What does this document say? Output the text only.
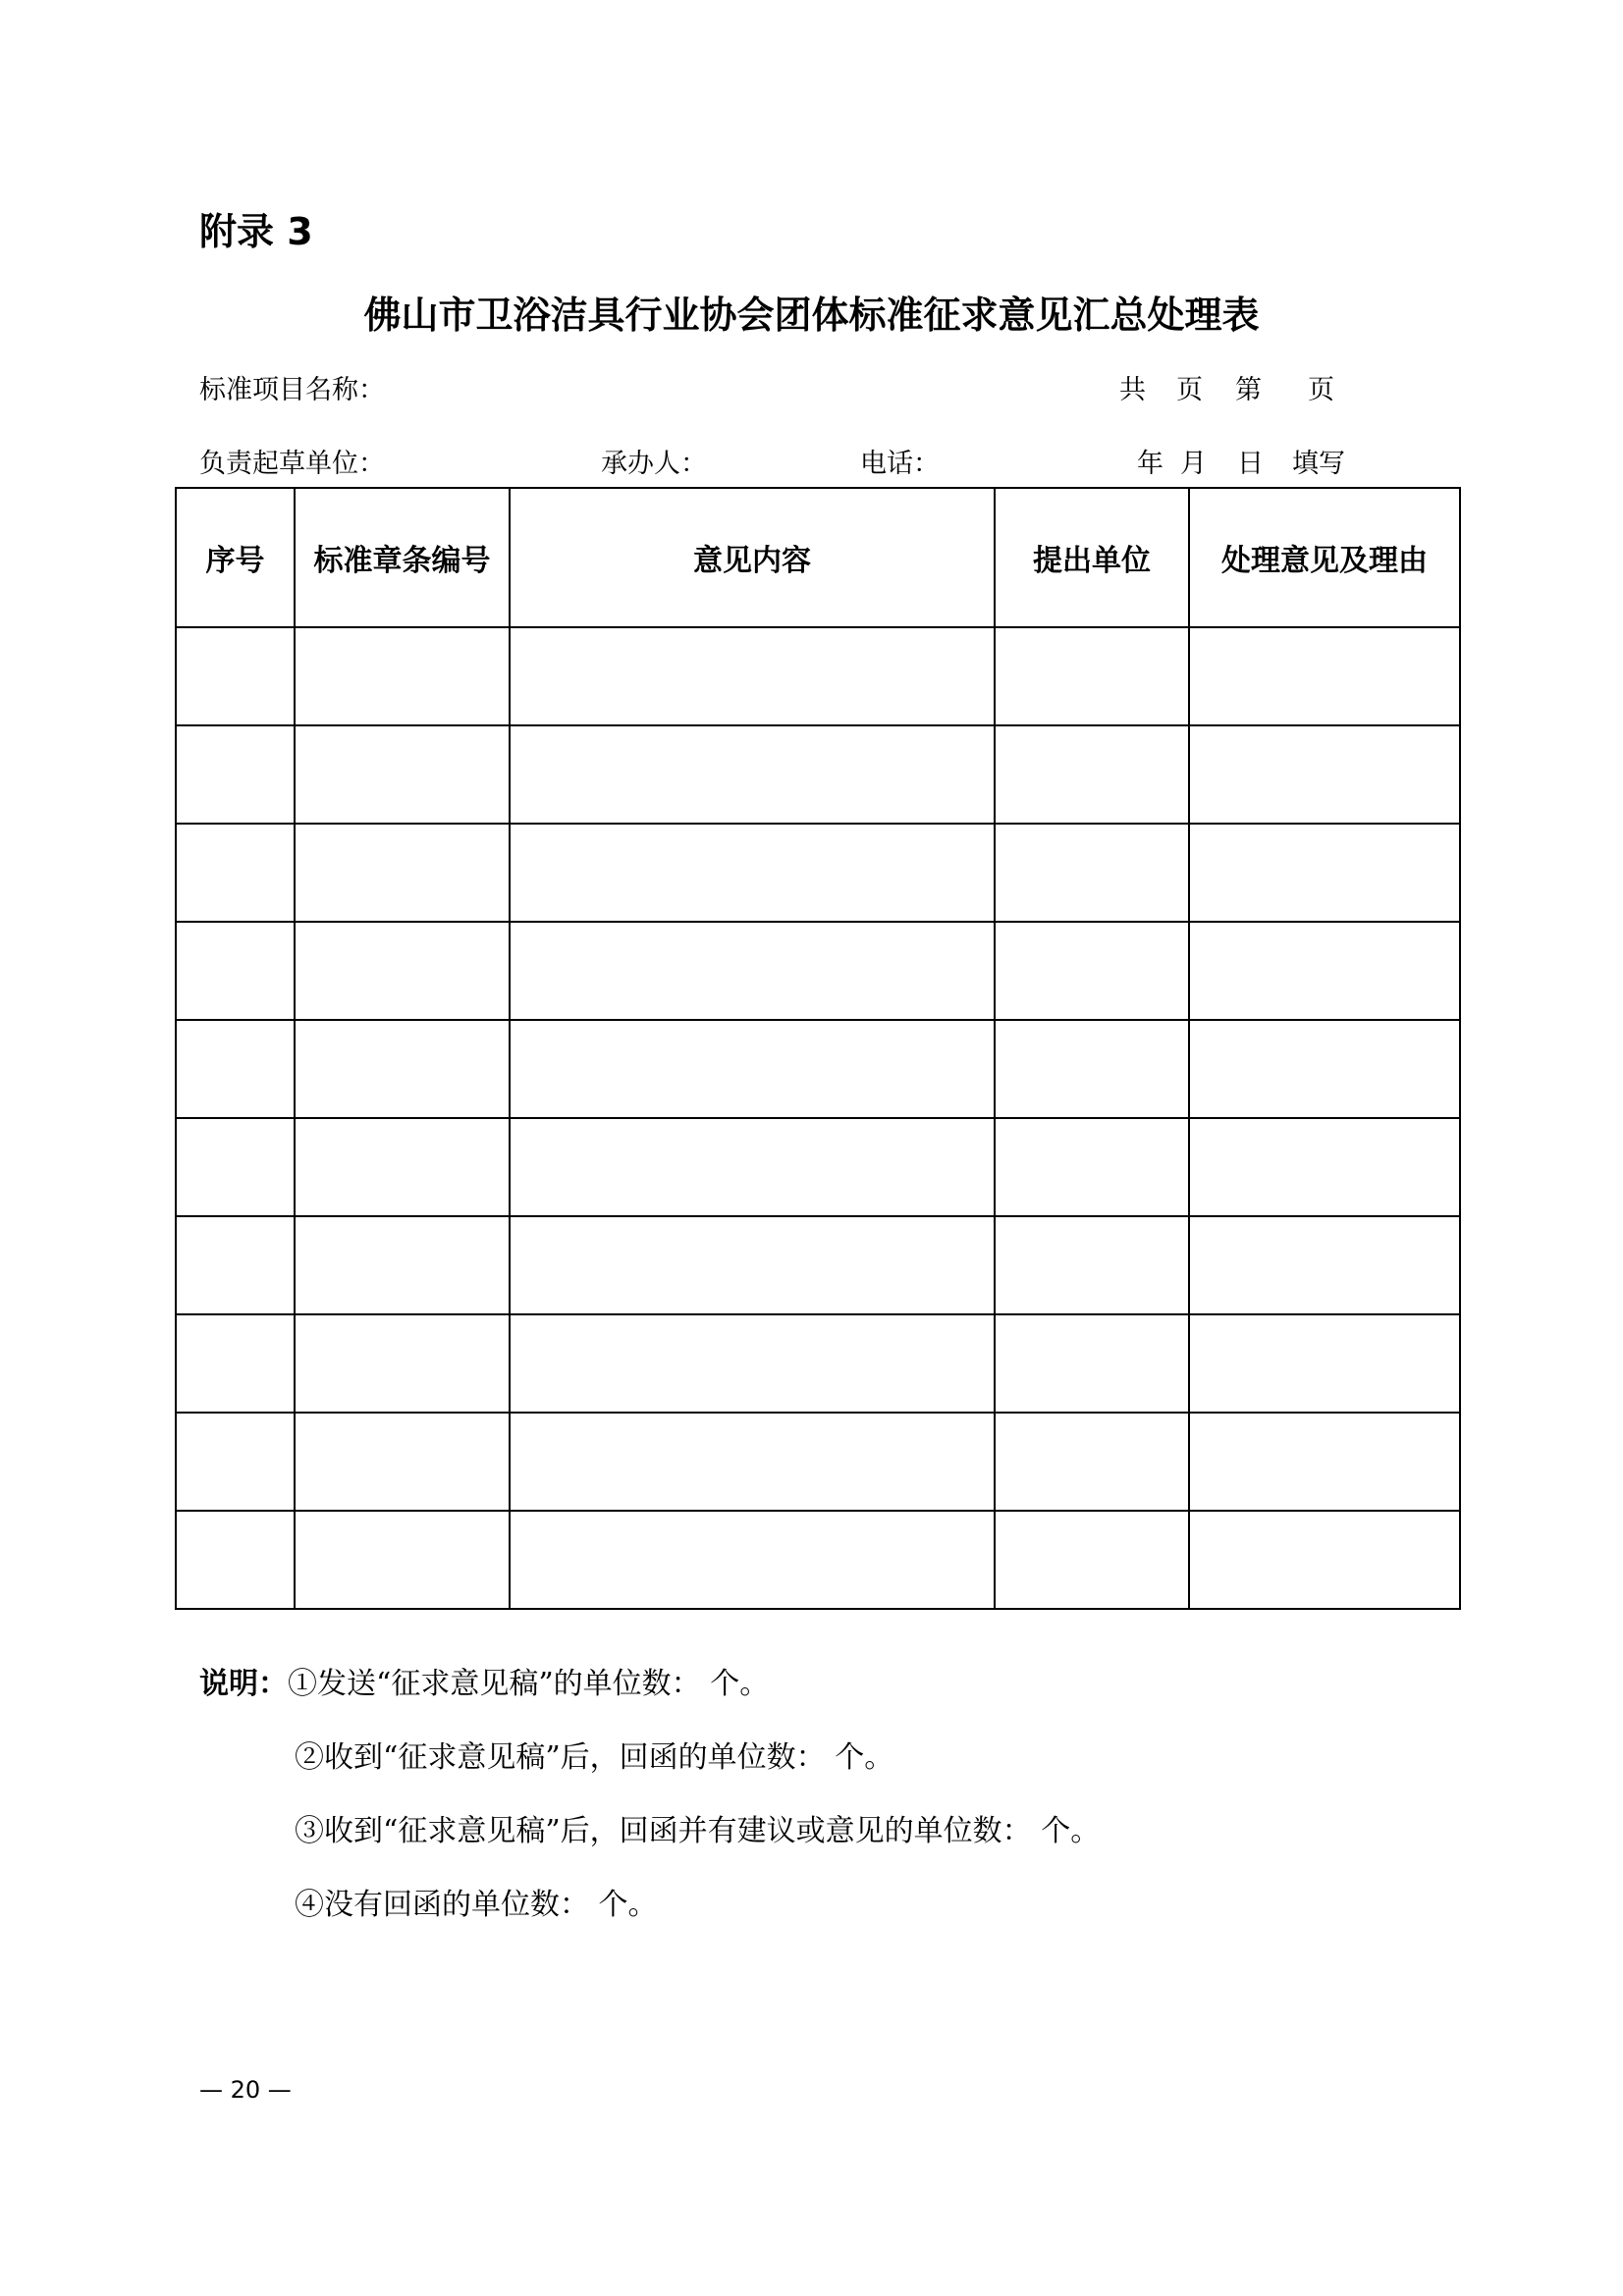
附录 3
佛山市卫浴洁具行业协会团体标准征求意见汇总处理表
标准项目名称：	共 页 第 页
负责起草单位：	承办人：	电话：	年 月 日 填写
序号	标准章条编号	意见内容	提出单位	处理意见及理由

说明：①发送“征求意见稿”的单位数： 个。
②收到“征求意见稿”后，回函的单位数： 个。
③收到“征求意见稿”后，回函并有建议或意见的单位数： 个。
④没有回函的单位数： 个。
— 20 —
